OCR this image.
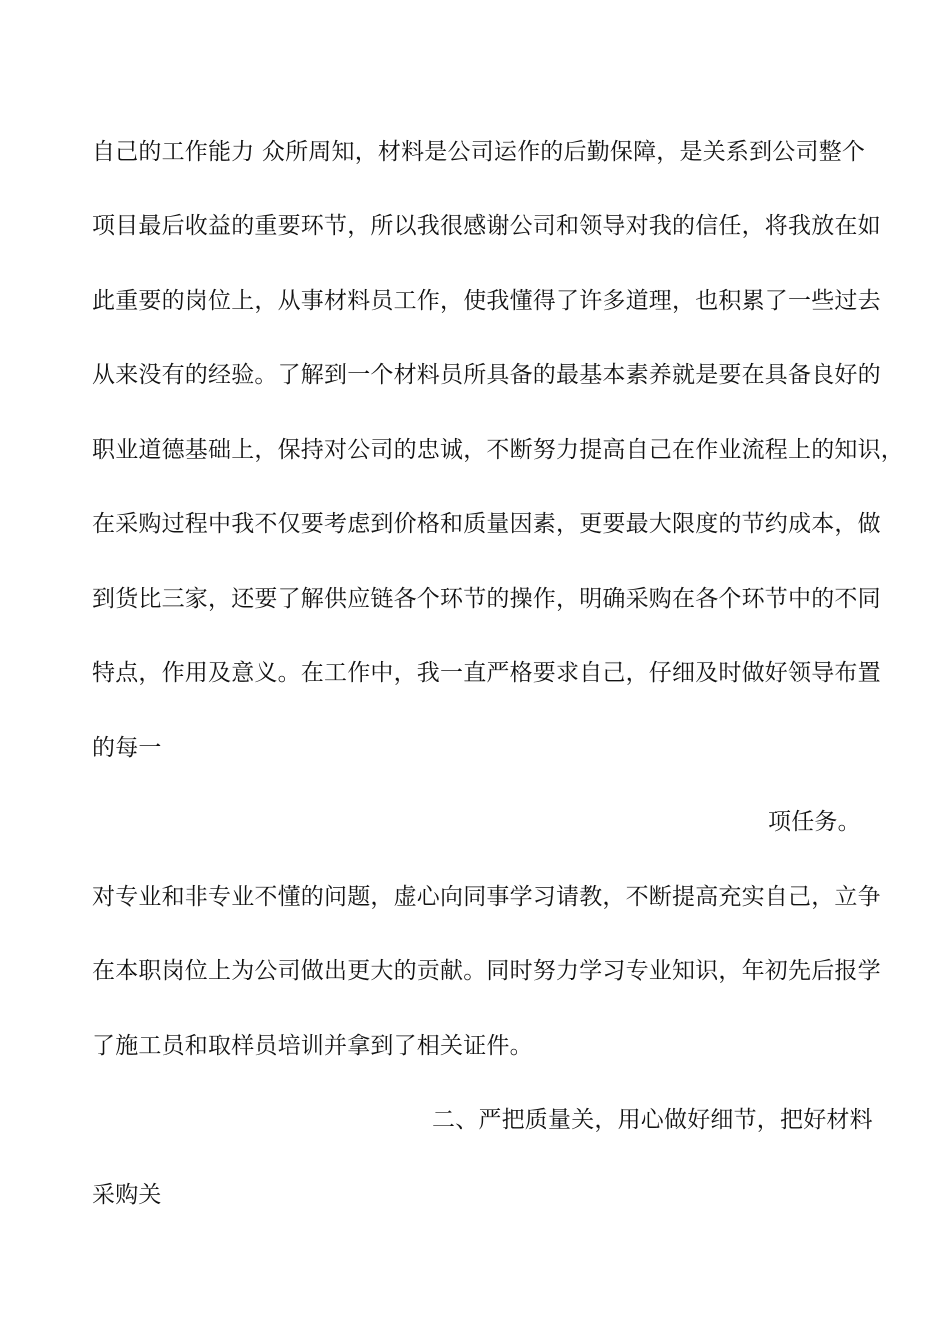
自己的工作能力 众所周知，材料是公司运作的后勤保障，是关系到公司整个
项目最后收益的重要环节，所以我很感谢公司和领导对我的信任，将我放在如
此重要的岗位上，从事材料员工作，使我懂得了许多道理，也积累了一些过去
从来没有的经验。了解到一个材料员所具备的最基本素养就是要在具备良好的
职业道德基础上，保持对公司的忠诚，不断努力提高自己在作业流程上的知识，
在采购过程中我不仅要考虑到价格和质量因素，更要最大限度的节约成本，做
到货比三家，还要了解供应链各个环节的操作，明确采购在各个环节中的不同
特点，作用及意义。在工作中，我一直严格要求自己，仔细及时做好领导布置
的每一
项任务。
对专业和非专业不懂的问题，虚心向同事学习请教，不断提高充实自己，立争
在本职岗位上为公司做出更大的贡献。同时努力学习专业知识，年初先后报学
了施工员和取样员培训并拿到了相关证件。
二、严把质量关，用心做好细节，把好材料
采购关
